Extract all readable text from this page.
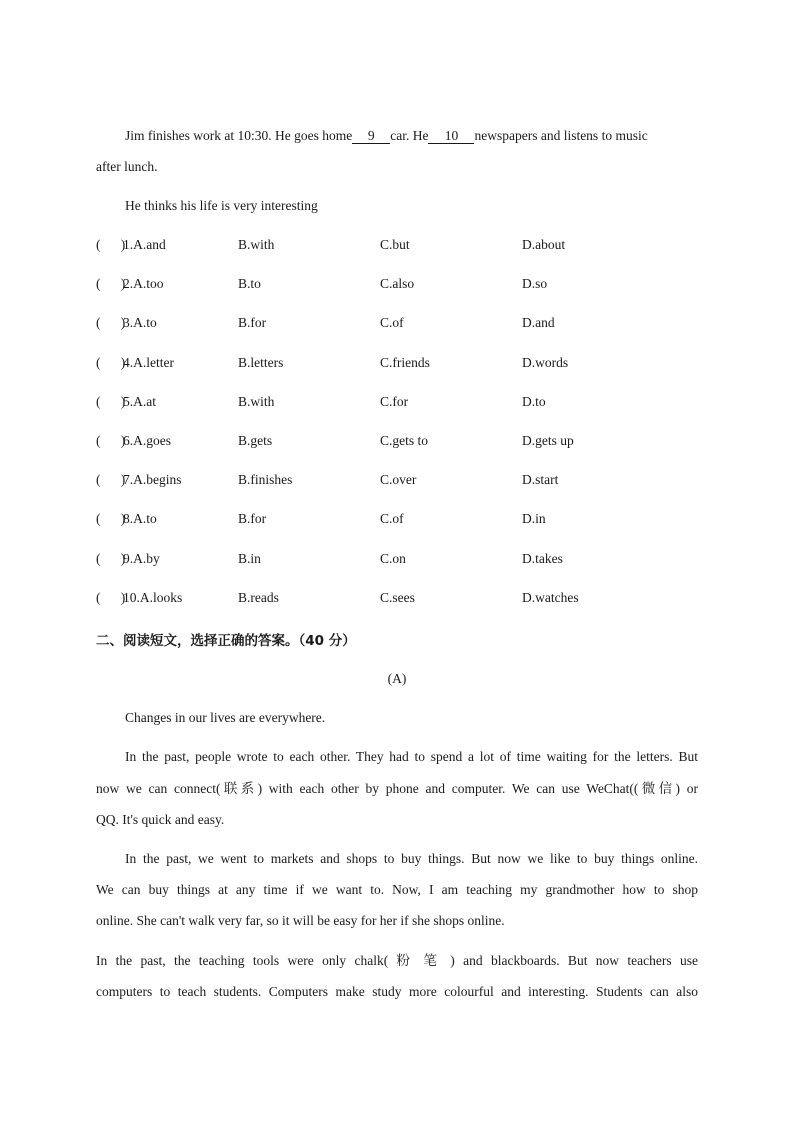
Jim finishes work at 10:30. He goes home 9 car. He 10 newspapers and listens to music
after lunch.
He thinks his life is very interesting
(      )
1.A.and	B.with	C.but	D.about
(      )
2.A.too	B.to	C.also	D.so
(      )
3.A.to	B.for	C.of	D.and
(      )
4.A.letter	B.letters	C.friends	D.words
(      )
5.A.at	B.with	C.for	D.to
(      )
6.A.goes	B.gets	C.gets to	D.gets up
(      )
7.A.begins	B.finishes	C.over	D.start
(      )
8.A.to	B.for	C.of	D.in
(      )
9.A.by	B.in	C.on	D.takes
(      )
10.A.looks	B.reads	C.sees	D.watches
二、阅读短文，选择正确的答案。（40 分）
(A)
Changes in our lives are everywhere.
In the past, people wrote to each other. They had to spend a lot of time waiting for the letters. But
now we can connect(联系) with each other by phone and computer. We can use WeChat((微信) or
QQ. It's quick and easy.
In the past, we went to markets and shops to buy things. But now we like to buy things online.
We can buy things at any time if we want to. Now, I am teaching my grandmother how to shop
online. She can't walk very far, so it will be easy for her if she shops online.
In the past, the teaching tools were only chalk( 粉 笔 ) and blackboards. But now teachers use
computers to teach students. Computers make study more colourful and interesting. Students can also
